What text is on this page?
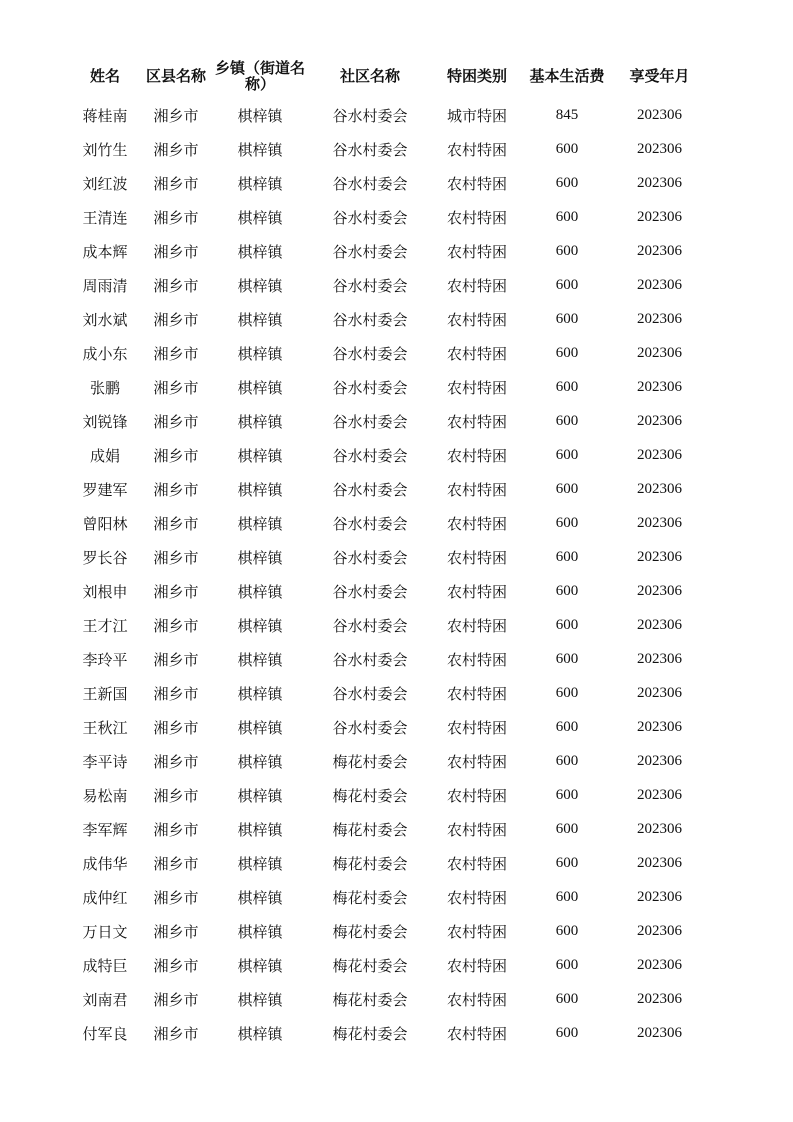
姓名	区县名称	乡镇（街道名称）	社区名称	特困类别	基本生活费	享受年月
蒋桂南	湘乡市	棋梓镇	谷水村委会	城市特困	845	202306
刘竹生	湘乡市	棋梓镇	谷水村委会	农村特困	600	202306
刘红波	湘乡市	棋梓镇	谷水村委会	农村特困	600	202306
王清连	湘乡市	棋梓镇	谷水村委会	农村特困	600	202306
成本辉	湘乡市	棋梓镇	谷水村委会	农村特困	600	202306
周雨清	湘乡市	棋梓镇	谷水村委会	农村特困	600	202306
刘水斌	湘乡市	棋梓镇	谷水村委会	农村特困	600	202306
成小东	湘乡市	棋梓镇	谷水村委会	农村特困	600	202306
张鹏	湘乡市	棋梓镇	谷水村委会	农村特困	600	202306
刘锐锋	湘乡市	棋梓镇	谷水村委会	农村特困	600	202306
成娟	湘乡市	棋梓镇	谷水村委会	农村特困	600	202306
罗建军	湘乡市	棋梓镇	谷水村委会	农村特困	600	202306
曾阳林	湘乡市	棋梓镇	谷水村委会	农村特困	600	202306
罗长谷	湘乡市	棋梓镇	谷水村委会	农村特困	600	202306
刘根申	湘乡市	棋梓镇	谷水村委会	农村特困	600	202306
王才江	湘乡市	棋梓镇	谷水村委会	农村特困	600	202306
李玲平	湘乡市	棋梓镇	谷水村委会	农村特困	600	202306
王新国	湘乡市	棋梓镇	谷水村委会	农村特困	600	202306
王秋江	湘乡市	棋梓镇	谷水村委会	农村特困	600	202306
李平诗	湘乡市	棋梓镇	梅花村委会	农村特困	600	202306
易松南	湘乡市	棋梓镇	梅花村委会	农村特困	600	202306
李军辉	湘乡市	棋梓镇	梅花村委会	农村特困	600	202306
成伟华	湘乡市	棋梓镇	梅花村委会	农村特困	600	202306
成仲红	湘乡市	棋梓镇	梅花村委会	农村特困	600	202306
万日文	湘乡市	棋梓镇	梅花村委会	农村特困	600	202306
成特巨	湘乡市	棋梓镇	梅花村委会	农村特困	600	202306
刘南君	湘乡市	棋梓镇	梅花村委会	农村特困	600	202306
付军良	湘乡市	棋梓镇	梅花村委会	农村特困	600	202306
